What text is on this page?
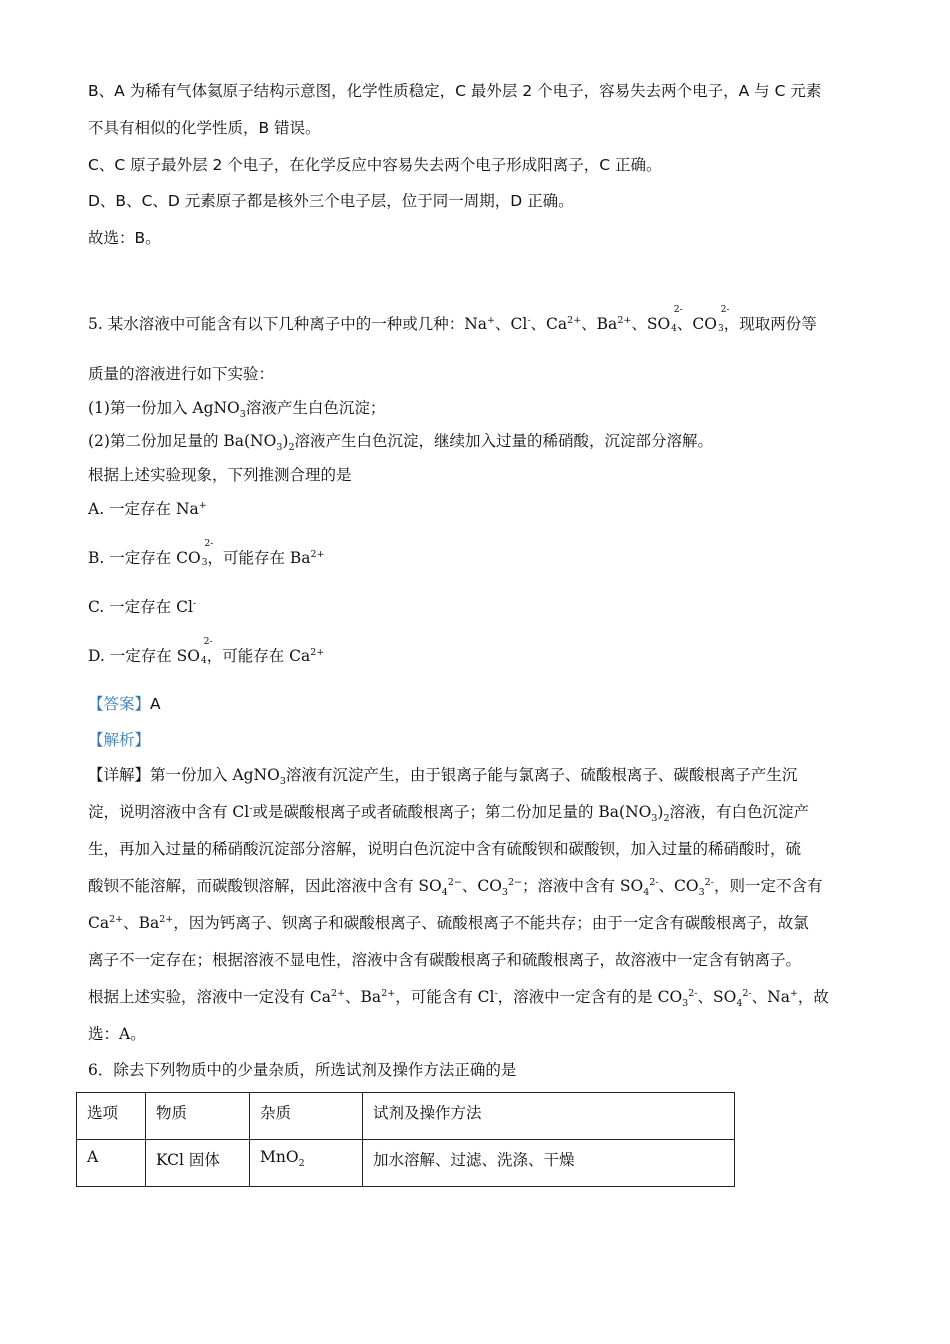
B、A 为稀有气体氦原子结构示意图，化学性质稳定，C 最外层 2 个电子，容易失去两个电子，A 与 C 元素
不具有相似的化学性质，B 错误。
C、C 原子最外层 2 个电子，在化学反应中容易失去两个电子形成阳离子，C 正确。
D、B、C、D 元素原子都是核外三个电子层，位于同一周期，D 正确。
故选：B。
5. 某水溶液中可能含有以下几种离子中的一种或几种：Na+、Cl-、$Ca^{2+}$、$Ba^{2+}$、SO
2-
4、CO
2-
3，现取两份等
质量的溶液进行如下实验：
(1)第一份加入 AgNO$_3$溶液产生白色沉淀；
(2)第二份加足量的 $Ba(NO_3)_2$溶液产生白色沉淀，继续加入过量的稀硝酸，沉淀部分溶解。
根据上述实验现象，下列推测合理的是
A. 一定存在 Na+
B. 一定存在 CO
2-
3，可能存在 $Ba^{2+}$
C. 一定存在 Cl-
D. 一定存在 SO
2-
4，可能存在 $Ca^{2+}$
【答案】A
【解析】
【详解】第一份加入 AgNO$_3$溶液有沉淀产生，由于银离子能与氯离子、硫酸根离子、碳酸根离子产生沉
淀，说明溶液中含有 Cl-或是碳酸根离子或者硫酸根离子；第二份加足量的 $Ba(NO_3)_2$溶液，有白色沉淀产
生，再加入过量的稀硝酸沉淀部分溶解，说明白色沉淀中含有硫酸钡和碳酸钡，加入过量的稀硝酸时，硫
酸钡不能溶解，而碳酸钡溶解，因此溶液中含有 $SO_4^{2-}$、$CO_3^{2-}$；溶液中含有 $SO_4^{2-}$、$CO_3^{2-}$，则一定不含有
$Ca^{2+}$、$Ba^{2+}$，因为钙离子、钡离子和碳酸根离子、硫酸根离子不能共存；由于一定含有碳酸根离子，故氯
离子不一定存在；根据溶液不显电性，溶液中含有碳酸根离子和硫酸根离子，故溶液中一定含有钠离子。
根据上述实验，溶液中一定没有 $Ca^{2+}$、$Ba^{2+}$，可能含有 Cl-，溶液中一定含有的是 $CO_3^{2-}$、$SO_4^{2-}$、Na+，故
选：A。
6．除去下列物质中的少量杂质，所选试剂及操作方法正确的是
选项	物质	杂质	试剂及操作方法
A	KCl 固体	MnO$_2$	加水溶解、过滤、洗涤、干燥
